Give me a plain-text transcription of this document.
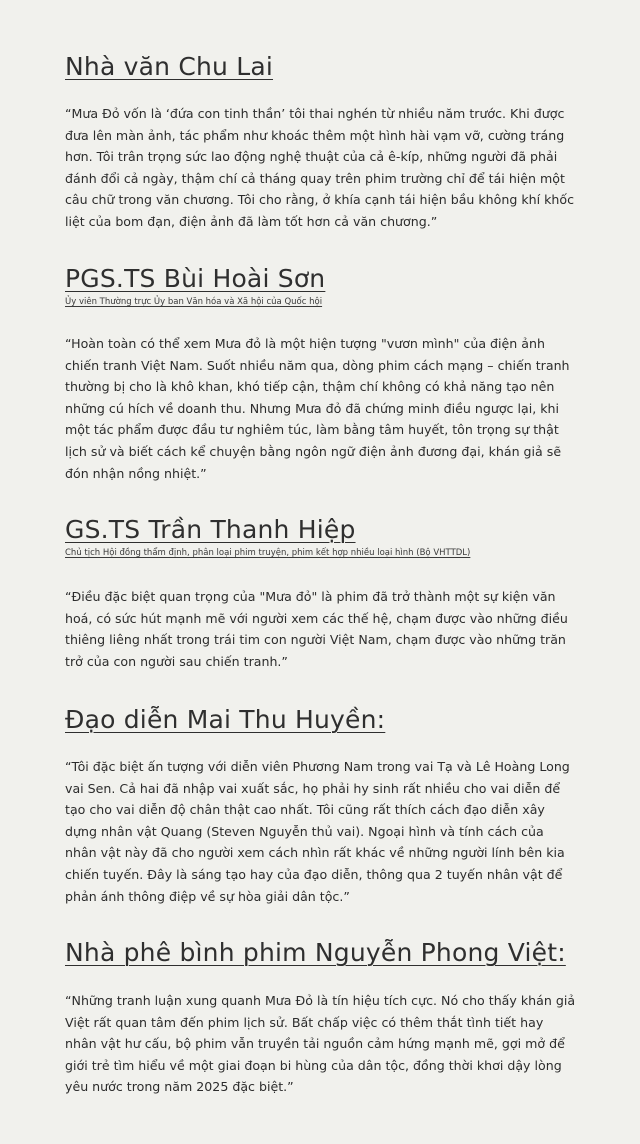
Nhà văn Chu Lai

“Mưa Đỏ vốn là ‘đứa con tinh thần’ tôi thai nghén từ nhiều năm trước. Khi được đưa lên màn ảnh, tác phẩm như khoác thêm một hình hài vạm vỡ, cường tráng hơn. Tôi trân trọng sức lao động nghệ thuật của cả ê-kíp, những người đã phải đánh đổi cả ngày, thậm chí cả tháng quay trên phim trường chỉ để tái hiện một câu chữ trong văn chương. Tôi cho rằng, ở khía cạnh tái hiện bầu không khí khốc liệt của bom đạn, điện ảnh đã làm tốt hơn cả văn chương.”

PGS.TS Bùi Hoài Sơn

Ủy viên Thường trực Ủy ban Văn hóa và Xã hội của Quốc hội

“Hoàn toàn có thể xem Mưa đỏ là một hiện tượng "vươn mình" của điện ảnh chiến tranh Việt Nam. Suốt nhiều năm qua, dòng phim cách mạng – chiến tranh thường bị cho là khô khan, khó tiếp cận, thậm chí không có khả năng tạo nên những cú hích về doanh thu. Nhưng Mưa đỏ đã chứng minh điều ngược lại, khi một tác phẩm được đầu tư nghiêm túc, làm bằng tâm huyết, tôn trọng sự thật lịch sử và biết cách kể chuyện bằng ngôn ngữ điện ảnh đương đại, khán giả sẽ đón nhận nồng nhiệt.”

GS.TS Trần Thanh Hiệp

Chủ tịch Hội đồng thẩm định, phân loại phim truyện, phim kết hợp nhiều loại hình (Bộ VHTTDL)

“Điều đặc biệt quan trọng của "Mưa đỏ" là phim đã trở thành một sự kiện văn hoá, có sức hút mạnh mẽ với người xem các thế hệ, chạm được vào những điều thiêng liêng nhất trong trái tim con người Việt Nam, chạm được vào những trăn trở của con người sau chiến tranh.”

Đạo diễn Mai Thu Huyền:

“Tôi đặc biệt ấn tượng với diễn viên Phương Nam trong vai Tạ và Lê Hoàng Long vai Sen. Cả hai đã nhập vai xuất sắc, họ phải hy sinh rất nhiều cho vai diễn để tạo cho vai diễn độ chân thật cao nhất. Tôi cũng rất thích cách đạo diễn xây dựng nhân vật Quang (Steven Nguyễn thủ vai). Ngoại hình và tính cách của nhân vật này đã cho người xem cách nhìn rất khác về những người lính bên kia chiến tuyến. Đây là sáng tạo hay của đạo diễn, thông qua 2 tuyến nhân vật để phản ánh thông điệp về sự hòa giải dân tộc.”

Nhà phê bình phim Nguyễn Phong Việt:

“Những tranh luận xung quanh Mưa Đỏ là tín hiệu tích cực. Nó cho thấy khán giả Việt rất quan tâm đến phim lịch sử. Bất chấp việc có thêm thắt tình tiết hay nhân vật hư cấu, bộ phim vẫn truyền tải nguồn cảm hứng mạnh mẽ, gợi mở để giới trẻ tìm hiểu về một giai đoạn bi hùng của dân tộc, đồng thời khơi dậy lòng yêu nước trong năm 2025 đặc biệt.”
